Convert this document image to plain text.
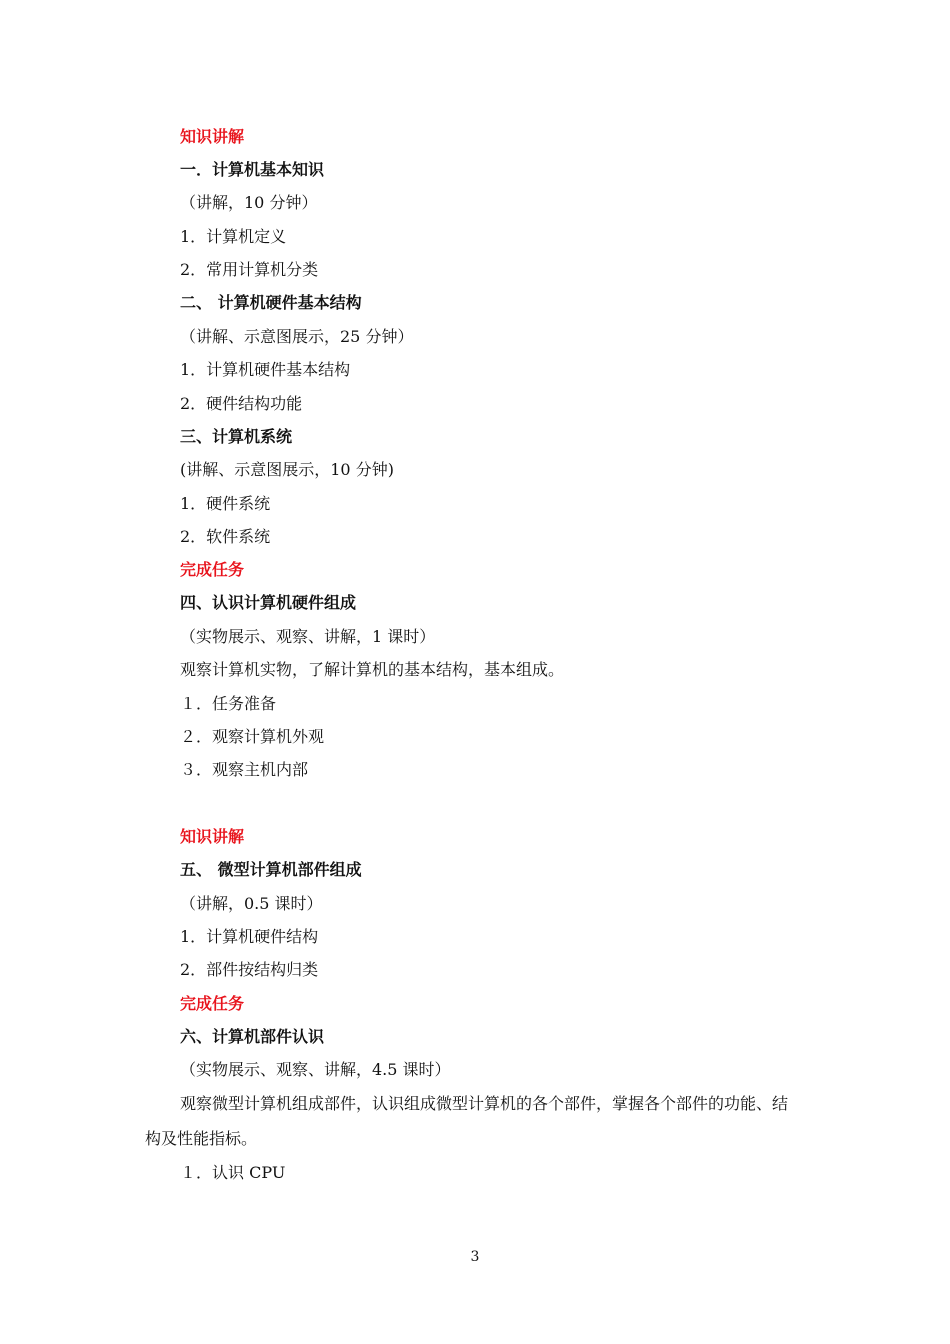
知识讲解
一．计算机基本知识
（讲解，10 分钟）
1．计算机定义
2．常用计算机分类
二、 计算机硬件基本结构
（讲解、示意图展示，25 分钟）
1．计算机硬件基本结构
2．硬件结构功能
三、计算机系统
(讲解、示意图展示，10 分钟)
1．硬件系统
2．软件系统
完成任务
四、认识计算机硬件组成
（实物展示、观察、讲解，1 课时）
观察计算机实物，了解计算机的基本结构，基本组成。
１．任务准备
２．观察计算机外观
３．观察主机内部
知识讲解
五、 微型计算机部件组成
（讲解，0.5 课时）
1．计算机硬件结构
2．部件按结构归类
完成任务
六、计算机部件认识
（实物展示、观察、讲解，4.5 课时）
观察微型计算机组成部件，认识组成微型计算机的各个部件，掌握各个部件的功能、结
构及性能指标。
１．认识 CPU
3
